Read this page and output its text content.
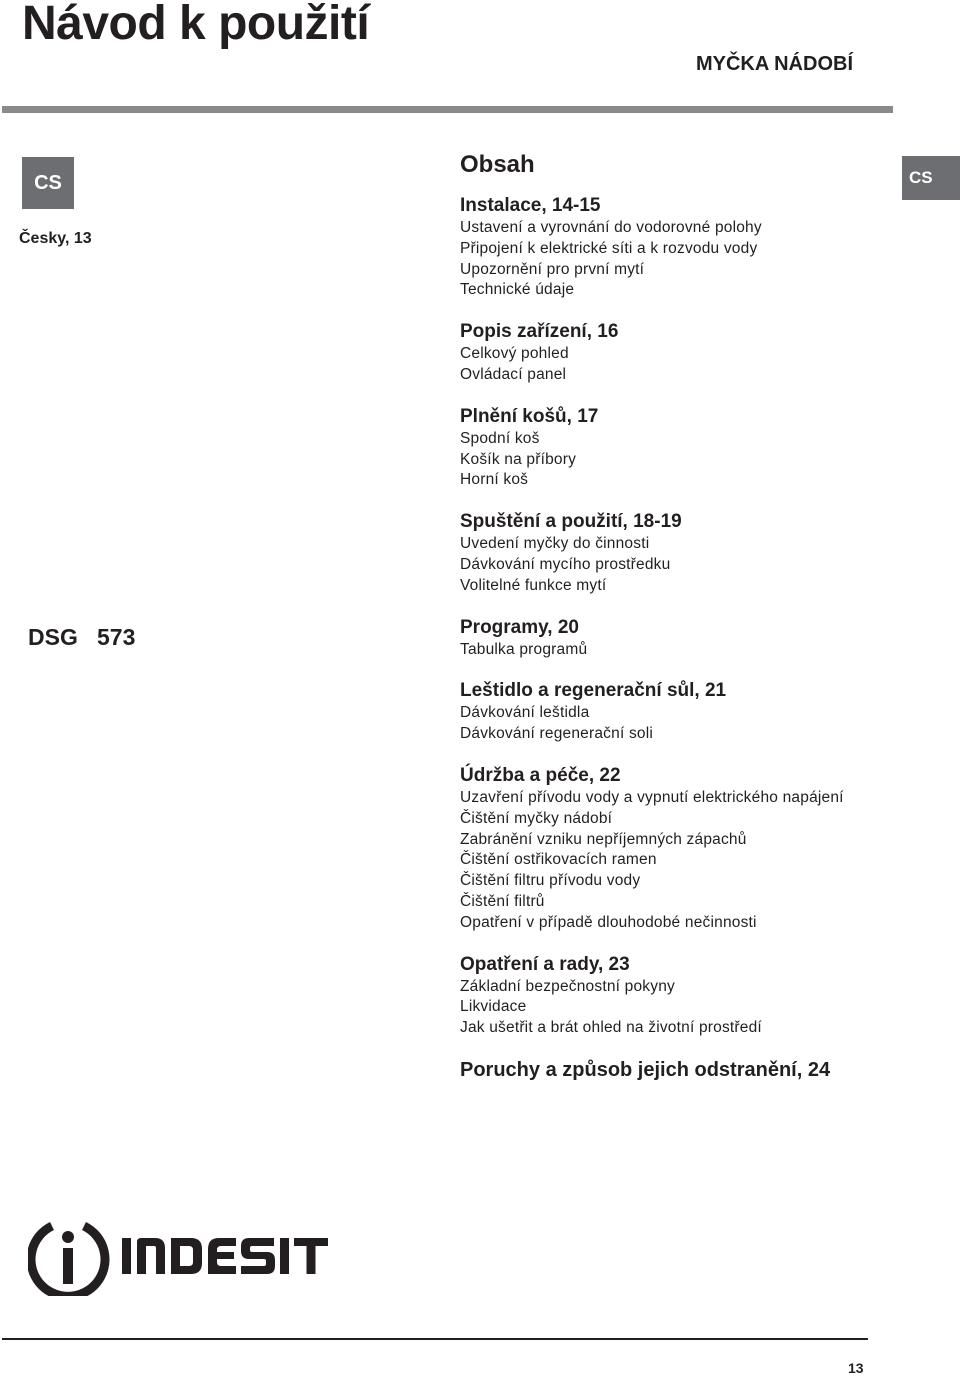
Návod k použití
MYČKA NÁDOBÍ
CS
Česky, 13
DSG   573
CS
Obsah
Instalace, 14-15
Ustavení a vyrovnání do vodorovné polohy
Připojení k elektrické síti a k rozvodu vody
Upozornění pro první mytí
Technické údaje
Popis zařízení, 16
Celkový pohled
Ovládací panel
Plnění košů, 17
Spodní koš
Košík na příbory
Horní koš
Spuštění a použití, 18-19
Uvedení myčky do činnosti
Dávkování mycího prostředku
Volitelné funkce mytí
Programy, 20
Tabulka programů
Leštidlo a regenerační sůl, 21
Dávkování leštidla
Dávkování regenerační soli
Údržba a péče, 22
Uzavření přívodu vody a vypnutí elektrického napájení
Čištění myčky nádobí
Zabránění vzniku nepříjemných zápachů
Čištění ostřikovacích ramen
Čištění filtru přívodu vody
Čištění filtrů
Opatření v případě dlouhodobé nečinnosti
Opatření a rady, 23
Základní bezpečnostní pokyny
Likvidace
Jak ušetřit a brát ohled na životní prostředí
Poruchy a způsob jejich odstranění, 24
13
